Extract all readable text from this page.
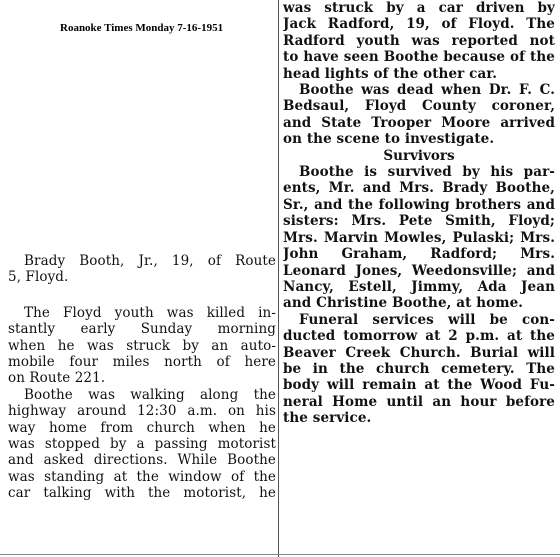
Roanoke Times Monday 7-16-1951

Brady Booth, Jr., 19, of Route

5, Floyd.

The Floyd youth was killed in-

stantly early Sunday morning

when he was struck by an auto-

mobile four miles north of here

on Route 221.

Boothe was walking along the

highway around 12:30 a.m. on his

way home from church when he

was stopped by a passing motorist

and asked directions. While Boothe

was standing at the window of the

car talking with the motorist, he

was struck by a car driven by

Jack Radford, 19, of Floyd. The

Radford youth was reported not

to have seen Boothe because of the

head lights of the other car.

Boothe was dead when Dr. F. C.

Bedsaul, Floyd County coroner,

and State Trooper Moore arrived

on the scene to investigate.

Survivors

Boothe is survived by his par-

ents, Mr. and Mrs. Brady Boothe,

Sr., and the following brothers and

sisters: Mrs. Pete Smith, Floyd;

Mrs. Marvin Mowles, Pulaski; Mrs.

John Graham, Radford; Mrs.

Leonard Jones, Weedonsville; and

Nancy, Estell, Jimmy, Ada Jean

and Christine Boothe, at home.

Funeral services will be con-

ducted tomorrow at 2 p.m. at the

Beaver Creek Church. Burial will

be in the church cemetery. The

body will remain at the Wood Fu-

neral Home until an hour before

the service.
